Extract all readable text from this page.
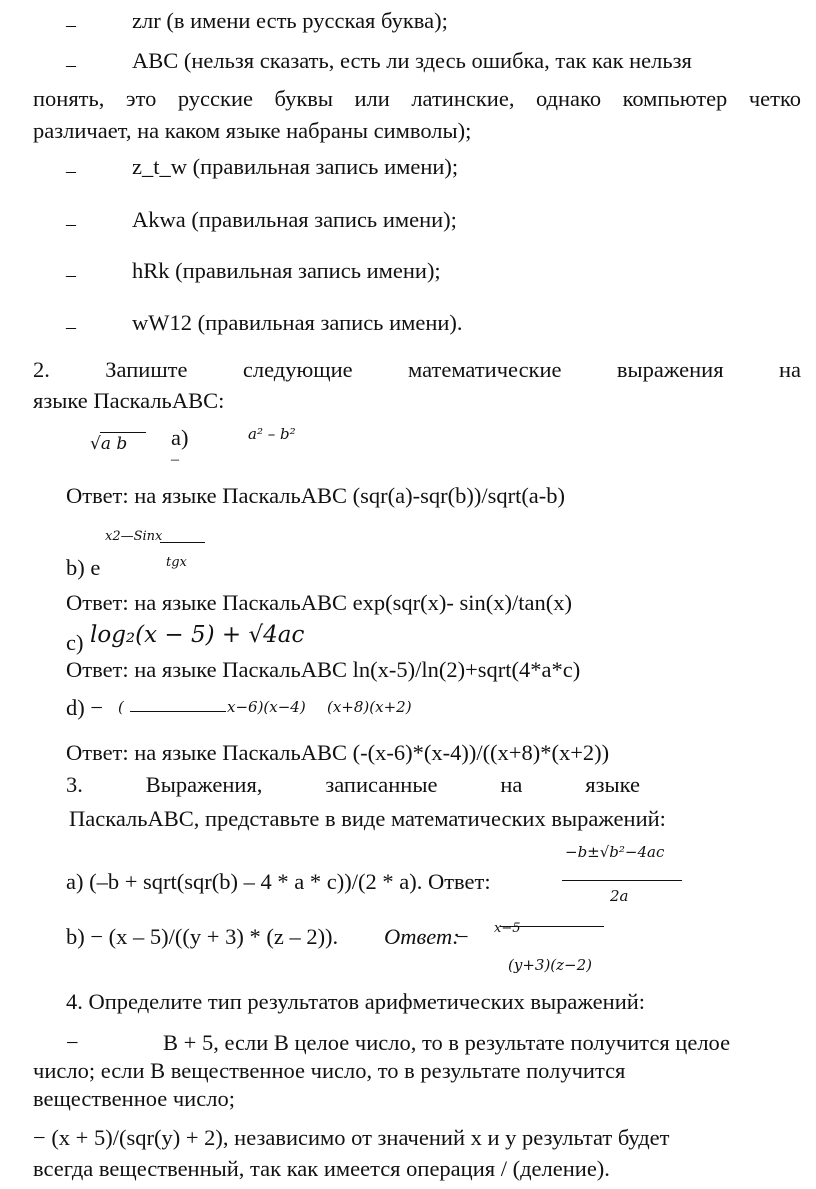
– zлr (в имени есть русская буква);
– ABC (нельзя сказать, есть ли здесь ошибка, так как нельзя
понять, это русские буквы или латинские, однако компьютер четко
различает, на каком языке набраны символы);
– z_t_w (правильная запись имени);
– Akwa (правильная запись имени);
– hRk (правильная запись имени);
– wW12 (правильная запись имени).
2. Запиште следующие математические выражения на
языке ПаскальABC:
√a b а)
–
a² – b²
Ответ: на языке ПаскальABC (sqr(a)-sqr(b))/sqrt(a-b)
x2—Sinx
tgx
b) e
Ответ: на языке ПаскальABC exp(sqr(x)- sin(x)/tan(x)
c) log₂(x − 5) + √4ac
Ответ: на языке ПаскальABC ln(x-5)/ln(2)+sqrt(4*a*c)
d) − (	x−6)(x−4) (x+8)(x+2)
Ответ: на языке ПаскальABC (-(x-6)*(x-4))/((x+8)*(x+2))
3. Выражения, записанные на языке
ПаскальABC, представьте в виде математических выражений:
−b±√b²−4ac
2a
а) (–b + sqrt(sqr(b) – 4 * a * c))/(2 * a). Ответ:
b) − (x – 5)/((y + 3) * (z – 2)). Ответ:
− x−5
(y+3)(z−2)
4. Определите тип результатов арифметических выражений:
−	B + 5, если B целое число, то в результате получится целое
число; если B вещественное число, то в результате получится
вещественное число;
− (x + 5)/(sqr(y) + 2), независимо от значений x и y результат будет
всегда вещественный, так как имеется операция / (деление).
